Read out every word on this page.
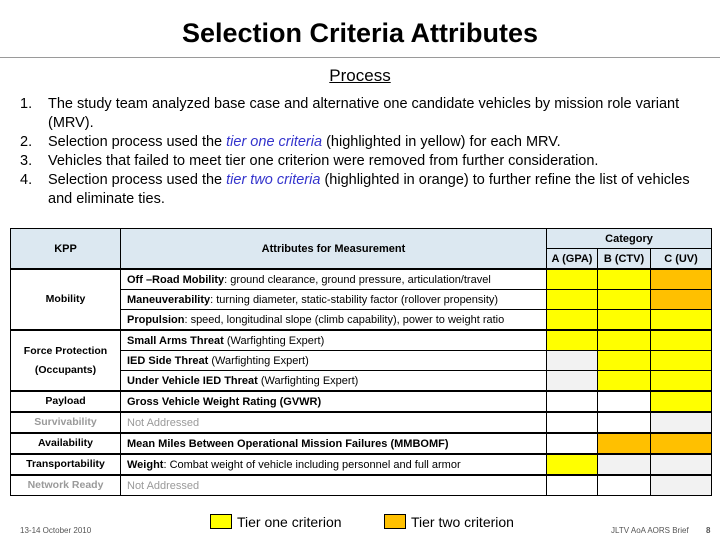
Selection Criteria Attributes
Process
1. The study team analyzed base case and alternative one candidate vehicles by mission role variant (MRV).
2. Selection process used the tier one criteria (highlighted in yellow) for each MRV.
3. Vehicles that failed to meet tier one criterion were removed from further consideration.
4. Selection process used the tier two criteria (highlighted in orange) to further refine the list of vehicles and eliminate ties.
KPP	Attributes for Measurement	Category		
		A (GPA)	B (CTV)	C (UV)
Mobility	Off –Road Mobility: ground clearance, ground pressure, articulation/travel			
	Maneuverability: turning diameter, static-stability factor (rollover propensity)			
	Propulsion: speed, longitudinal slope (climb capability), power to weight ratio			
Force Protection (Occupants)	Small Arms Threat (Warfighting Expert)			
	IED Side Threat (Warfighting Expert)			
	Under Vehicle IED Threat (Warfighting Expert)			
Payload	Gross Vehicle Weight Rating (GVWR)			
Survivability	Not Addressed			
Availability	Mean Miles Between Operational Mission Failures (MMBOMF)			
Transportability	Weight: Combat weight of vehicle including personnel and full armor			
Network Ready	Not Addressed			
Tier one criterion	Tier two criterion
13-14 October 2010	JLTV AoA AORS Brief 8
